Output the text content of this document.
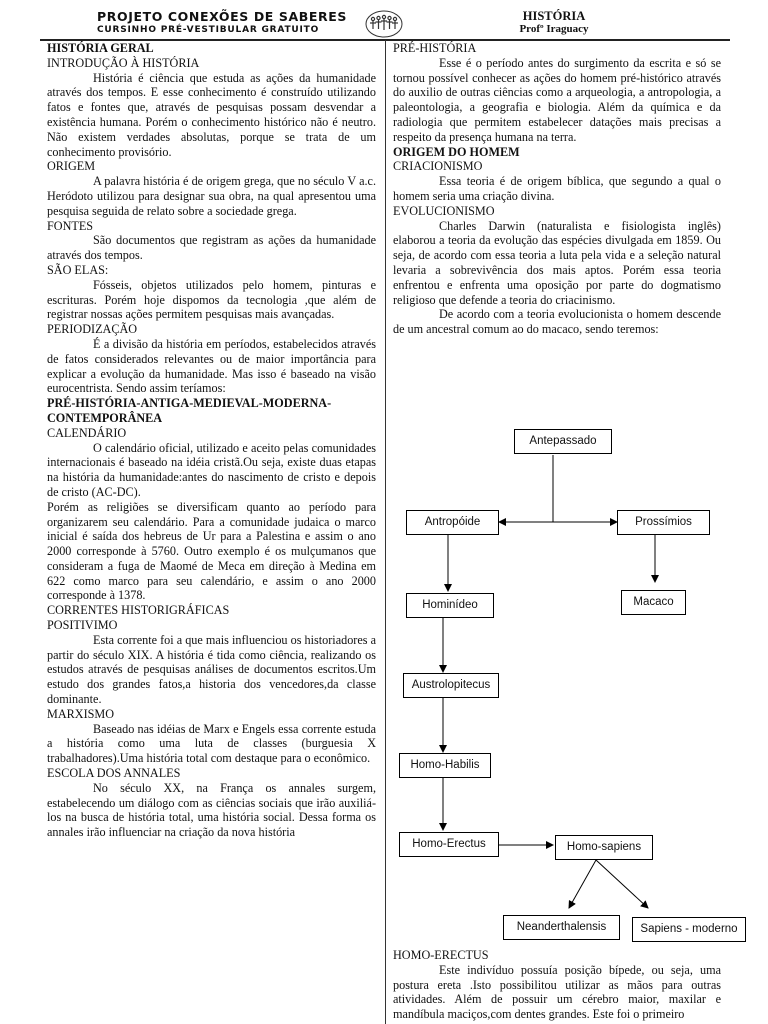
PROJETO CONEXÕES DE SABERES
CURSINHO PRÉ-VESTIBULAR GRATUITO
HISTÓRIA
Profº Iraguacy

HISTÓRIA GERAL

INTRODUÇÃO À HISTÓRIA

História é ciência que estuda as ações da humanidade através dos tempos. E esse conhecimento é construído utilizando fatos e fontes que, através de pesquisas possam desvendar a existência humana. Porém o conhecimento histórico não é neutro. Não existem verdades absolutas, porque se trata de um conhecimento provisório.

ORIGEM

A palavra história é de origem grega, que no século V a.c. Heródoto utilizou para designar sua obra, na qual apresentou uma pesquisa seguida de relato sobre a sociedade grega.

FONTES

São documentos que registram as ações da humanidade através dos tempos.

SÃO ELAS:

Fósseis, objetos utilizados pelo homem, pinturas e escrituras. Porém hoje dispomos da tecnologia ,que além de registrar nossas ações permitem pesquisas mais avançadas.

PERIODIZAÇÃO

É a divisão da história em períodos, estabelecidos através de fatos considerados relevantes ou de maior importância para explicar a evolução da humanidade. Mas isso é baseado na visão eurocentrista. Sendo assim teríamos:

PRÉ-HISTÓRIA-ANTIGA-MEDIEVAL-MODERNA-CONTEMPORÂNEA

CALENDÁRIO

O calendário oficial, utilizado e aceito pelas comunidades internacionais é baseado na idéia cristã.Ou seja, existe duas etapas na história da humanidade:antes do nascimento de cristo e depois de cristo (AC-DC).

Porém as religiões se diversificam quanto ao período para organizarem seu calendário. Para a comunidade judaica o marco inicial é saída dos hebreus de Ur para a Palestina e assim o ano 2000 corresponde à 5760. Outro exemplo é os mulçumanos que consideram a fuga de Maomé de Meca em direção à Medina em 622 como marco para seu calendário, e assim o ano 2000 corresponde à 1378.

CORRENTES HISTORIGRÁFICAS

POSITIVIMO

Esta corrente foi a que mais influenciou os historiadores a partir do século XIX. A história é tida como ciência, realizando os estudos através de pesquisas análises de documentos escritos.Um estudo dos grandes fatos,a historia dos vencedores,da classe dominante.

MARXISMO

Baseado nas idéias de Marx e Engels essa corrente estuda a história como uma luta de classes (burguesia X trabalhadores).Uma história total com destaque para o econômico.

ESCOLA DOS ANNALES

No século XX, na França os annales surgem, estabelecendo um diálogo com as ciências sociais que irão auxiliá-los na busca de história total, uma história social. Dessa forma os annales irão influenciar na criação da nova história

PRÉ-HISTÓRIA

Esse é o período antes do surgimento da escrita e só se tornou possível conhecer as ações do homem pré-histórico através do auxilio de outras ciências como a arqueologia, a antropologia, a paleontologia, a geografia e biologia. Além da química e da radiologia que permitem estabelecer datações mais precisas a respeito da presença humana na terra.

ORIGEM DO HOMEM

CRIACIONISMO

Essa teoria é de origem bíblica, que segundo a qual o homem seria uma criação divina.

EVOLUCIONISMO

Charles Darwin (naturalista e fisiologista inglês) elaborou a teoria da evolução das espécies divulgada em 1859. Ou seja, de acordo com essa teoria a luta pela vida e a seleção natural levaria a sobrevivência dos mais aptos. Porém essa teoria enfrentou e enfrenta uma oposição por parte do dogmatismo religioso que defende a teoria do criacinismo.

De acordo com a teoria evolucionista o homem descende de um ancestral comum ao do macaco, sendo teremos:

Antepassado
Antropóide	Prossímios
Hominídeo	Macaco
Austrolopitecus
Homo-Habilis
Homo-Erectus	Homo-sapiens
Neanderthalensis	Sapiens - moderno

HOMO-ERECTUS

Este indivíduo possuía posição bípede, ou seja, uma postura ereta .Isto possibilitou utilizar as mãos para outras atividades. Além de possuir um cérebro maior, maxilar e mandíbula maciços,com dentes grandes. Este foi o primeiro
